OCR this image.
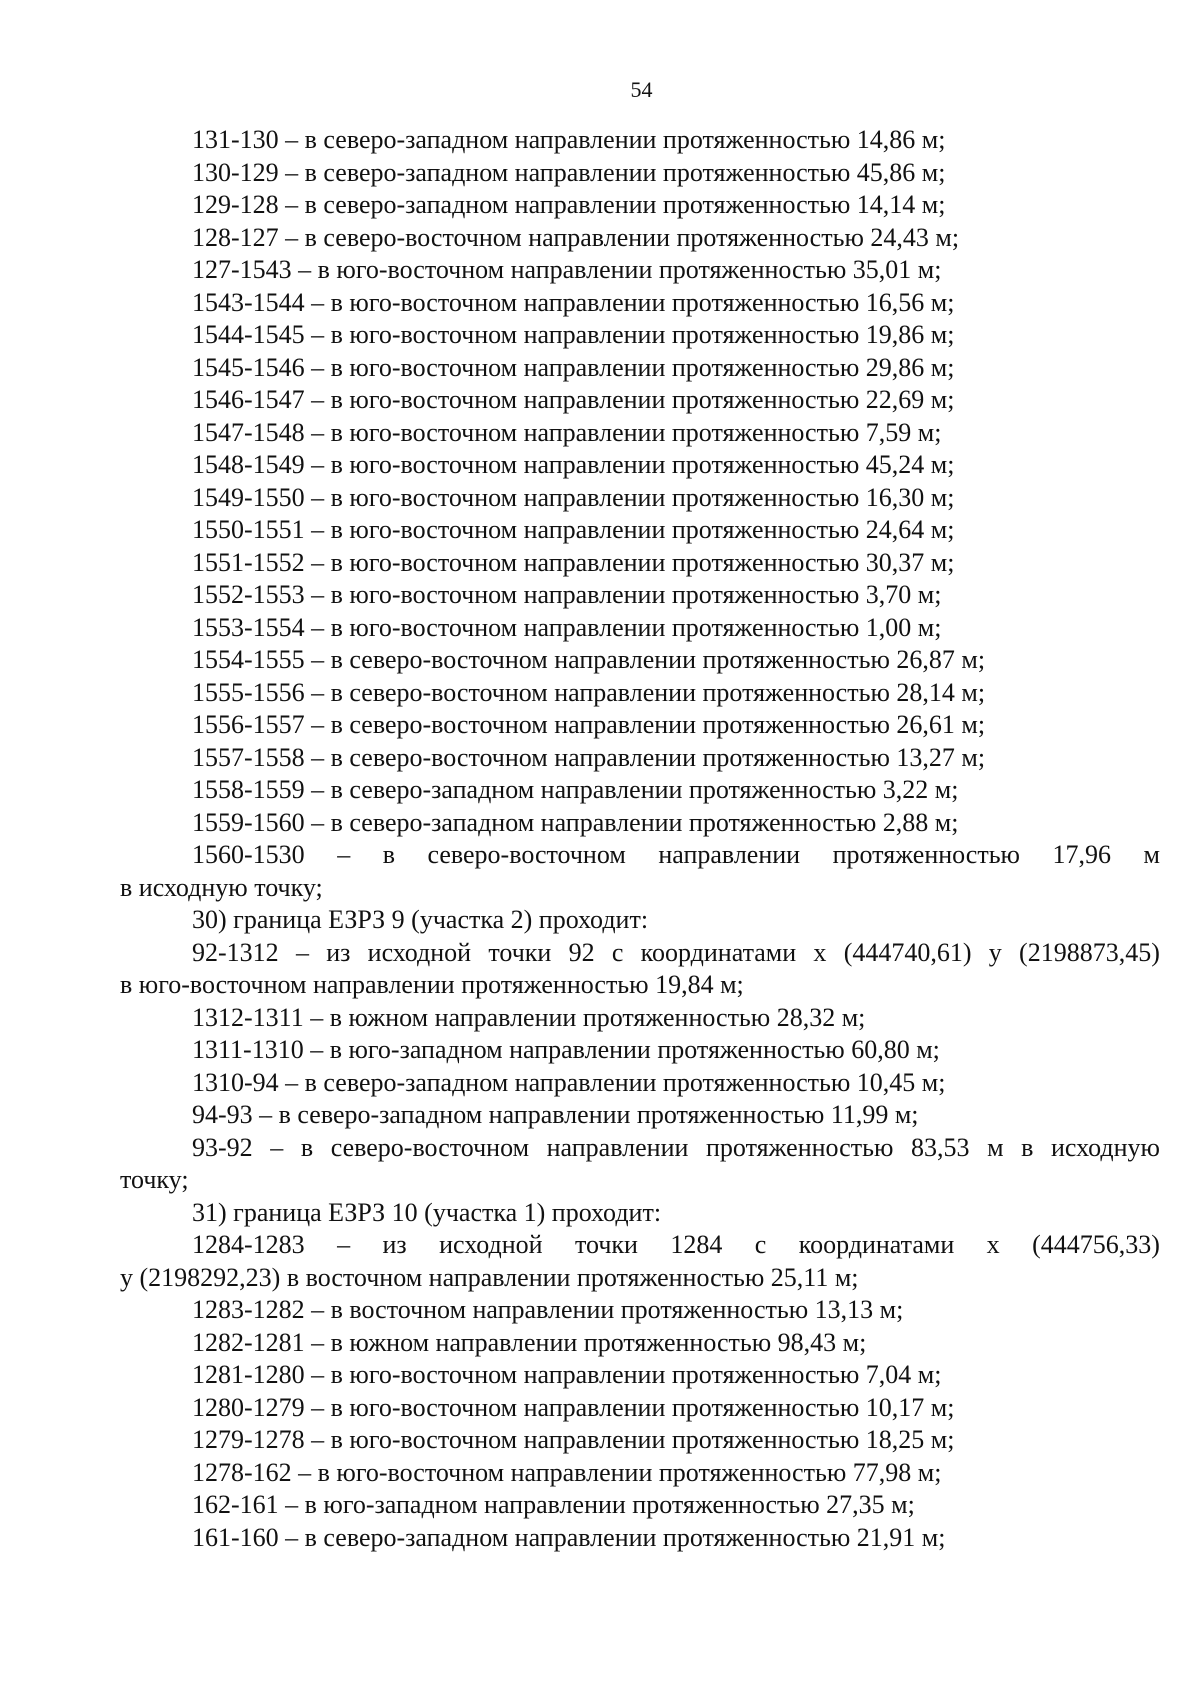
54
131-130 – в северо-западном направлении протяженностью 14,86 м;
130-129 – в северо-западном направлении протяженностью 45,86 м;
129-128 – в северо-западном направлении протяженностью 14,14 м;
128-127 – в северо-восточном направлении протяженностью 24,43 м;
127-1543 – в юго-восточном направлении протяженностью 35,01 м;
1543-1544 – в юго-восточном направлении протяженностью 16,56 м;
1544-1545 – в юго-восточном направлении протяженностью 19,86 м;
1545-1546 – в юго-восточном направлении протяженностью 29,86 м;
1546-1547 – в юго-восточном направлении протяженностью 22,69 м;
1547-1548 – в юго-восточном направлении протяженностью 7,59 м;
1548-1549 – в юго-восточном направлении протяженностью 45,24 м;
1549-1550 – в юго-восточном направлении протяженностью 16,30 м;
1550-1551 – в юго-восточном направлении протяженностью 24,64 м;
1551-1552 – в юго-восточном направлении протяженностью 30,37 м;
1552-1553 – в юго-восточном направлении протяженностью 3,70 м;
1553-1554 – в юго-восточном направлении протяженностью 1,00 м;
1554-1555 – в северо-восточном направлении протяженностью 26,87 м;
1555-1556 – в северо-восточном направлении протяженностью 28,14 м;
1556-1557 – в северо-восточном направлении протяженностью 26,61 м;
1557-1558 – в северо-восточном направлении протяженностью 13,27 м;
1558-1559 – в северо-западном направлении протяженностью 3,22 м;
1559-1560 – в северо-западном направлении протяженностью 2,88 м;
1560-1530 – в северо-восточном направлении протяженностью 17,96 м
в исходную точку;
30) граница ЕЗРЗ 9 (участка 2) проходит:
92-1312 – из исходной точки 92 с координатами х (444740,61) у (2198873,45)
в юго-восточном направлении протяженностью 19,84 м;
1312-1311 – в южном направлении протяженностью 28,32 м;
1311-1310 – в юго-западном направлении протяженностью 60,80 м;
1310-94 – в северо-западном направлении протяженностью 10,45 м;
94-93 – в северо-западном направлении протяженностью 11,99 м;
93-92 – в северо-восточном направлении протяженностью 83,53 м в исходную
точку;
31) граница ЕЗРЗ 10 (участка 1) проходит:
1284-1283 – из исходной точки 1284 с координатами х (444756,33)
у (2198292,23) в восточном направлении протяженностью 25,11 м;
1283-1282 – в восточном направлении протяженностью 13,13 м;
1282-1281 – в южном направлении протяженностью 98,43 м;
1281-1280 – в юго-восточном направлении протяженностью 7,04 м;
1280-1279 – в юго-восточном направлении протяженностью 10,17 м;
1279-1278 – в юго-восточном направлении протяженностью 18,25 м;
1278-162 – в юго-восточном направлении протяженностью 77,98 м;
162-161 – в юго-западном направлении протяженностью 27,35 м;
161-160 – в северо-западном направлении протяженностью 21,91 м;
